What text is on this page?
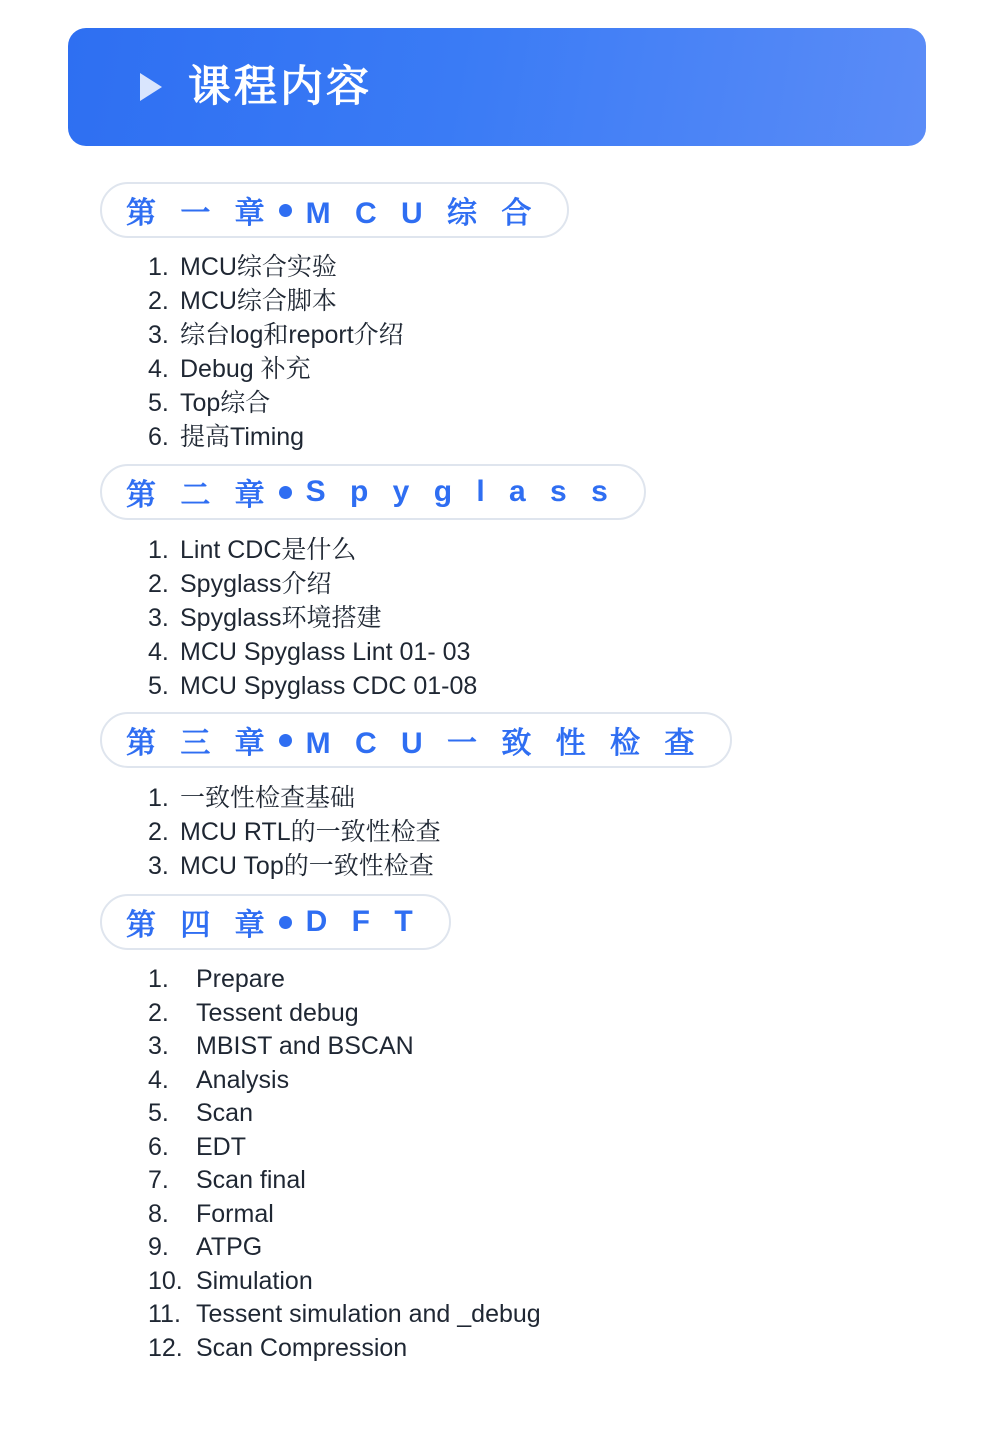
课程内容
第 一 章 M C U 综 合
1. MCU综合实验
2. MCU综合脚本
3. 综台log和report介绍
4. Debug 补充
5. Top综合
6. 提高Timing
第 二 章 S p y g l a s s
1. Lint CDC是什么
2. Spyglass介绍
3. Spyglass环境搭建
4. MCU Spyglass Lint 01- 03
5. MCU Spyglass CDC 01-08
第 三 章 M C U 一 致 性 检 查
1. 一致性检查基础
2. MCU RTL的一致性检查
3. MCU Top的一致性检查
第 四 章 D F T
1.	Prepare
2.	Tessent debug
3.	MBIST and BSCAN
4.	Analysis
5.	Scan
6.	EDT
7.	Scan final
8.	Formal
9.	ATPG
10. Simulation
11. Tessent simulation and _debug
12. Scan Compression
